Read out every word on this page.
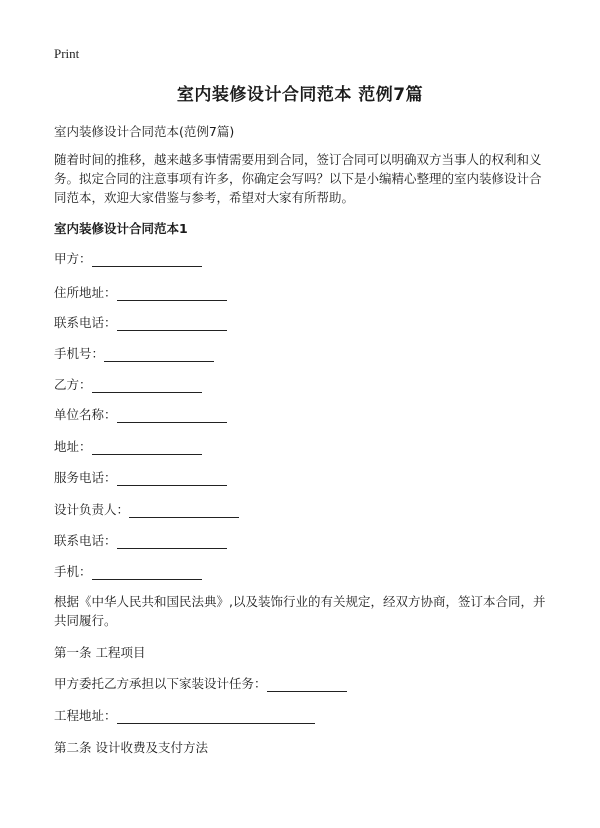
Print
室内装修设计合同范本 范例7篇
室内装修设计合同范本(范例7篇)

随着时间的推移，越来越多事情需要用到合同，签订合同可以明确双方当事人的权利和义务。拟定合同的注意事项有许多，你确定会写吗？以下是小编精心整理的室内装修设计合同范本，欢迎大家借鉴与参考，希望对大家有所帮助。

室内装修设计合同范本1
甲方：
住所地址：
联系电话：
手机号：
乙方：
单位名称：
地址：
服务电话：
设计负责人：
联系电话：
手机：

根据《中华人民共和国民法典》,以及装饰行业的有关规定，经双方协商，签订本合同，并共同履行。

第一条 工程项目
甲方委托乙方承担以下家装设计任务：
工程地址：
第二条 设计收费及支付方法
